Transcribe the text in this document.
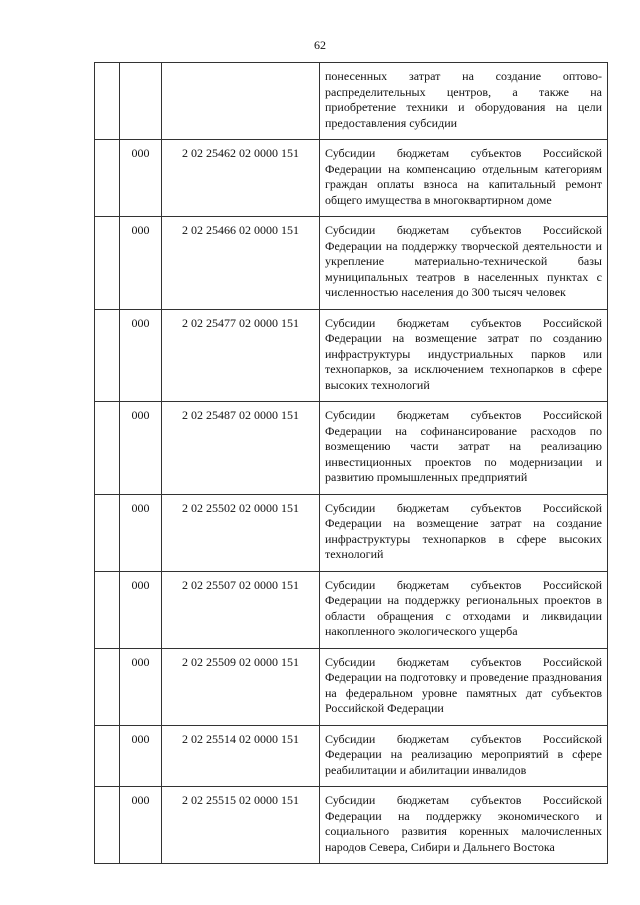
62
			понесенных затрат на создание оптово-распределительных центров, а также на приобретение техники и оборудования на цели предоставления субсидии
	000	2 02 25462 02 0000 151	Субсидии бюджетам субъектов Российской Федерации на компенсацию отдельным категориям граждан оплаты взноса на капитальный ремонт общего имущества в многоквартирном доме
	000	2 02 25466 02 0000 151	Субсидии бюджетам субъектов Российской Федерации на поддержку творческой деятельности и укрепление материально-технической базы муниципальных театров в населенных пунктах с численностью населения до 300 тысяч человек
	000	2 02 25477 02 0000 151	Субсидии бюджетам субъектов Российской Федерации на возмещение затрат по созданию инфраструктуры индустриальных парков или технопарков, за исключением технопарков в сфере высоких технологий
	000	2 02 25487 02 0000 151	Субсидии бюджетам субъектов Российской Федерации на софинансирование расходов по возмещению части затрат на реализацию инвестиционных проектов по модернизации и развитию промышленных предприятий
	000	2 02 25502 02 0000 151	Субсидии бюджетам субъектов Российской Федерации на возмещение затрат на создание инфраструктуры технопарков в сфере высоких технологий
	000	2 02 25507 02 0000 151	Субсидии бюджетам субъектов Российской Федерации на поддержку региональных проектов в области обращения с отходами и ликвидации накопленного экологического ущерба
	000	2 02 25509 02 0000 151	Субсидии бюджетам субъектов Российской Федерации на подготовку и проведение празднования на федеральном уровне памятных дат субъектов Российской Федерации
	000	2 02 25514 02 0000 151	Субсидии бюджетам субъектов Российской Федерации на реализацию мероприятий в сфере реабилитации и абилитации инвалидов
	000	2 02 25515 02 0000 151	Субсидии бюджетам субъектов Российской Федерации на поддержку экономического и социального развития коренных малочисленных народов Севера, Сибири и Дальнего Востока
